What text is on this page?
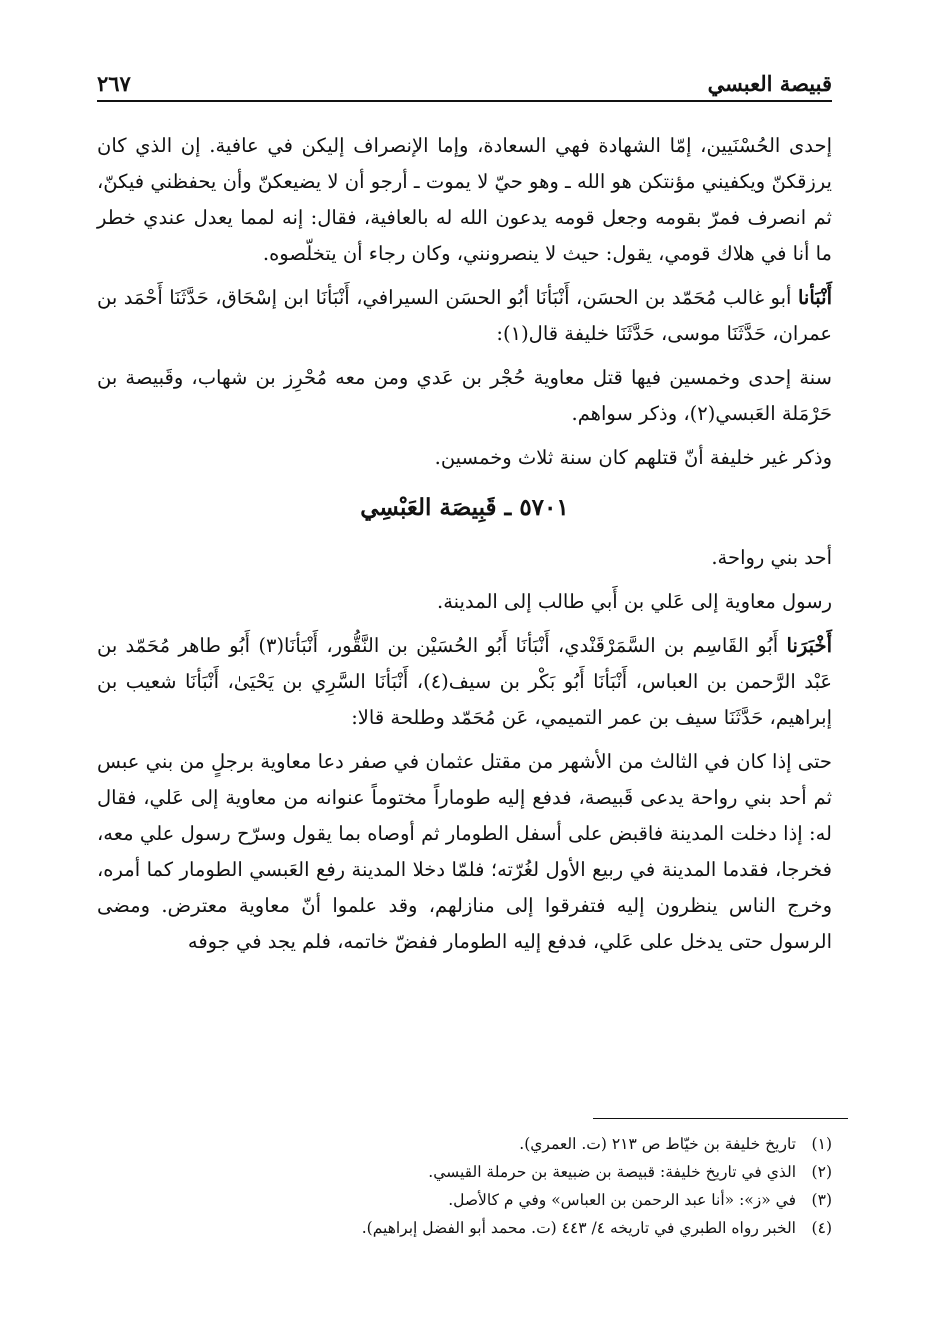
قبيصة العبسي
٢٦٧

إحدى الحُسْنَيين، إمّا الشهادة فهي السعادة، وإما الإنصراف إليكن في عافية. إن الذي كان يرزقكنّ ويكفيني مؤنتكن هو الله ـ وهو حيّ لا يموت ـ أرجو أن لا يضيعكنّ وأن يحفظني فيكنّ، ثم انصرف فمرّ بقومه وجعل قومه يدعون الله له بالعافية، فقال: إنه لمما يعدل عندي خطر ما أنا في هلاك قومي، يقول: حيث لا ينصرونني، وكان رجاء أن يتخلّصوه.

أَنْبَأنا أبو غالب مُحَمّد بن الحسَن، أَنْبَأنَا أبُو الحسَن السيرافي، أَنْبَأنَا ابن إسْحَاق، حَدَّثَنَا أَحْمَد بن عمران، حَدَّثَنَا موسى، حَدَّثَنَا خليفة قال(١):

سنة إحدى وخمسين فيها قتل معاوية حُجْر بن عَدي ومن معه مُحْرِز بن شهاب، وقَبيصة بن حَرْمَلة العَبسي(٢)، وذكر سواهم.

وذكر غير خليفة أنّ قتلهم كان سنة ثلاث وخمسين.

٥٧٠١ ـ قَبِيصَة العَبْسِي

أحد بني رواحة.

رسول معاوية إلى عَلي بن أَبي طالب إلى المدينة.

أَخْبَرَنا أَبُو القَاسِم بن السَّمَرْقَنْدي، أَنْبَأنَا أَبُو الحُسَيْن بن النَّقُّور، أَنْبَأنَا(٣) أَبُو طاهر مُحَمّد بن عَبْد الرَّحمن بن العباس، أَنْبَأنَا أَبُو بَكْر بن سيف(٤)، أَنْبَأنَا السَّرِي بن يَحْيَىٰ، أَنْبَأنَا شعيب بن إبراهيم، حَدَّثَنَا سيف بن عمر التميمي، عَن مُحَمّد وطلحة قالا:

حتى إذا كان في الثالث من الأشهر من مقتل عثمان في صفر دعا معاوية برجلٍ من بني عبس ثم أحد بني رواحة يدعى قَبيصة، فدفع إليه طوماراً مختوماً عنوانه من معاوية إلى عَلي، فقال له: إذا دخلت المدينة فاقبض على أسفل الطومار ثم أوصاه بما يقول وسرّح رسول علي معه، فخرجا، فقدما المدينة في ربيع الأول لغُرّته؛ فلمّا دخلا المدينة رفع العَبسي الطومار كما أمره، وخرج الناس ينظرون إليه فتفرقوا إلى منازلهم، وقد علموا أنّ معاوية معترض. ومضى الرسول حتى يدخل على عَلي، فدفع إليه الطومار ففضّ خاتمه، فلم يجد في جوفه

(١)
تاريخ خليفة بن خيّاط ص ٢١٣ (ت. العمري).
(٢)
الذي في تاريخ خليفة: قبيصة بن ضبيعة بن حرملة القيسي.
(٣)
في «ز»: «أنا عبد الرحمن بن العباس» وفي م كالأصل.
(٤)
الخبر رواه الطبري في تاريخه ٤/ ٤٤٣ (ت. محمد أبو الفضل إبراهيم).
